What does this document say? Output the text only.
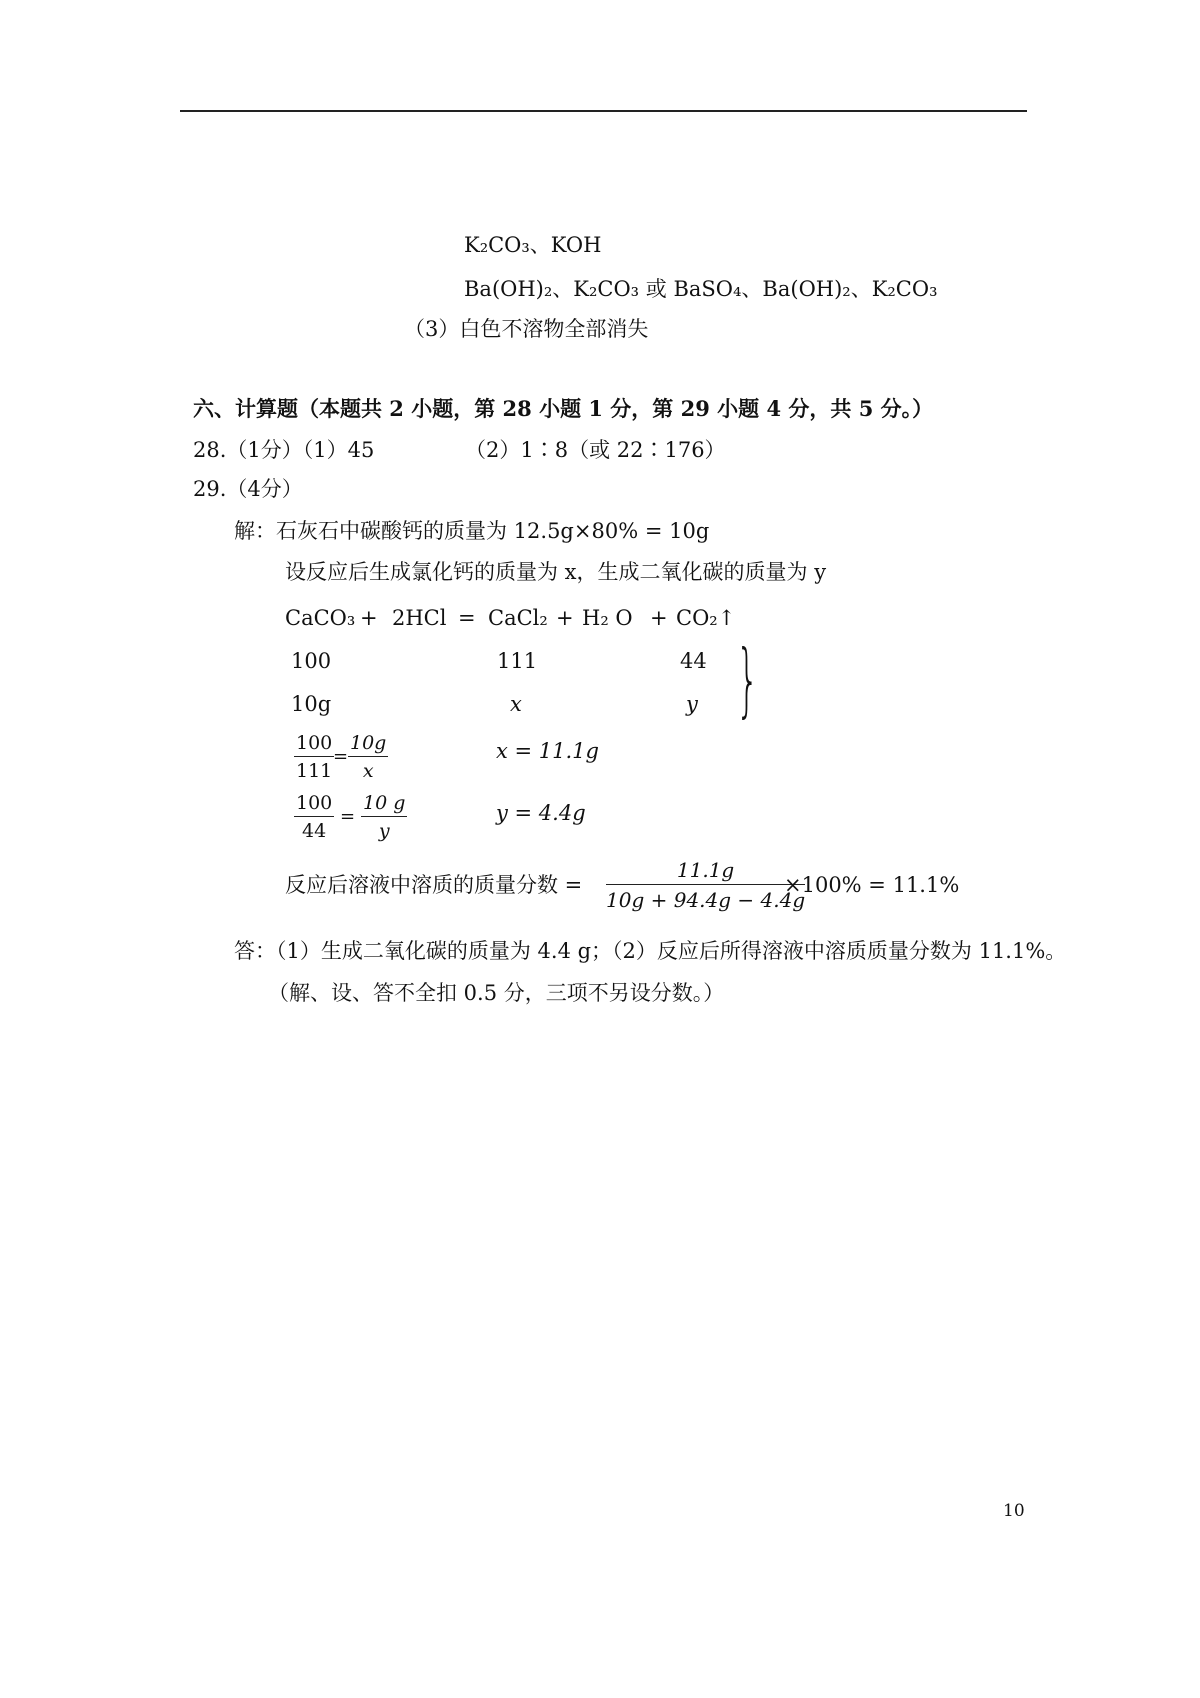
K₂CO₃、KOH
Ba(OH)₂、K₂CO₃ 或 BaSO₄、Ba(OH)₂、K₂CO₃
（3）白色不溶物全部消失
六、计算题（本题共 2 小题，第 28 小题 1 分，第 29 小题 4 分，共 5 分。）
28.（1分）（1）45	（2）1∶8（或 22∶176）
29.（4分）
解：石灰石中碳酸钙的质量为 12.5g×80% = 10g
设反应后生成氯化钙的质量为 x，生成二氧化碳的质量为 y
CaCO₃ + 2HCl = CaCl₂ + H₂ O + CO₂↑
100	111	44
10g	x	y }
$\frac{100}{111}$
= $\frac{10g}{x}$	x = 11.1g
$\frac{100}{44} = \frac{10 g}{y}$	y = 4.4g
反应后溶液中溶质的质量分数 = $\frac{11.1g}{10g + 94.4g - 4.4g}$
×100% = 11.1%
答：（1）生成二氧化碳的质量为 4.4 g；（2）反应后所得溶液中溶质质量分数为 11.1%。
（解、设、答不全扣 0.5 分，三项不另设分数。）
10
